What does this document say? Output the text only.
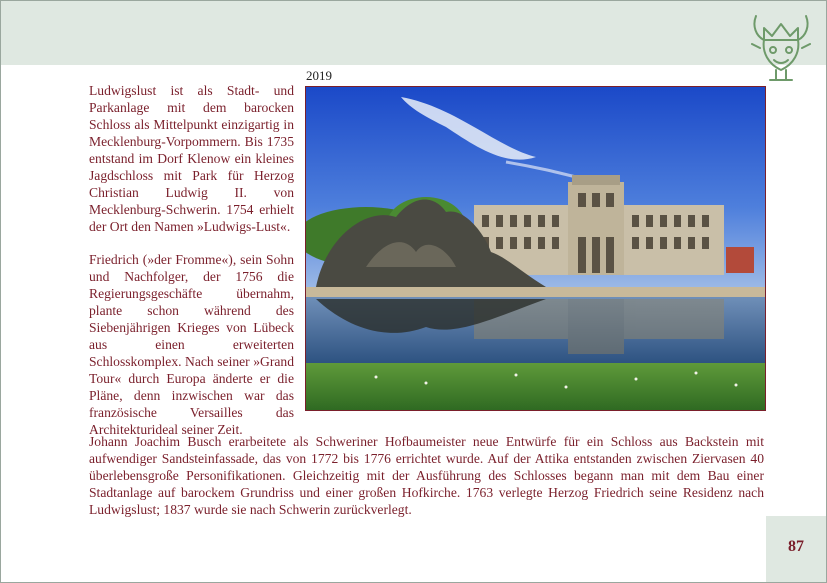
2019

Ludwigslust ist als Stadt- und Parkanlage mit dem barocken Schloss als Mittelpunkt einzigartig in Mecklenburg-Vorpommern. Bis 1735 entstand im Dorf Klenow ein kleines Jagdschloss mit Park für Herzog Christian Ludwig II. von Mecklenburg-Schwerin. 1754 erhielt der Ort den Namen »Ludwigs-Lust«.

Friedrich (»der Fromme«), sein Sohn und Nachfolger, der 1756 die Regierungsgeschäfte übernahm, plante schon während des Siebenjährigen Krieges von Lübeck aus einen erweiterten Schlosskomplex. Nach seiner »Grand Tour« durch Europa änderte er die Pläne, denn inzwischen war das französische Versailles das Architekturideal seiner Zeit.

Johann Joachim Busch erarbeitete als Schweriner Hofbaumeister neue Entwürfe für ein Schloss aus Backstein mit aufwendiger Sandsteinfassade, das von 1772 bis 1776 errichtet wurde. Auf der Attika entstanden zwischen Ziervasen 40 überlebensgroße Personifikationen. Gleichzeitig mit der Ausführung des Schlosses begann man mit dem Bau einer Stadtanlage auf barockem Grundriss und einer großen Hofkirche. 1763 verlegte Herzog Friedrich seine Residenz nach Ludwigslust; 1837 wurde sie nach Schwerin zurückverlegt.
87
